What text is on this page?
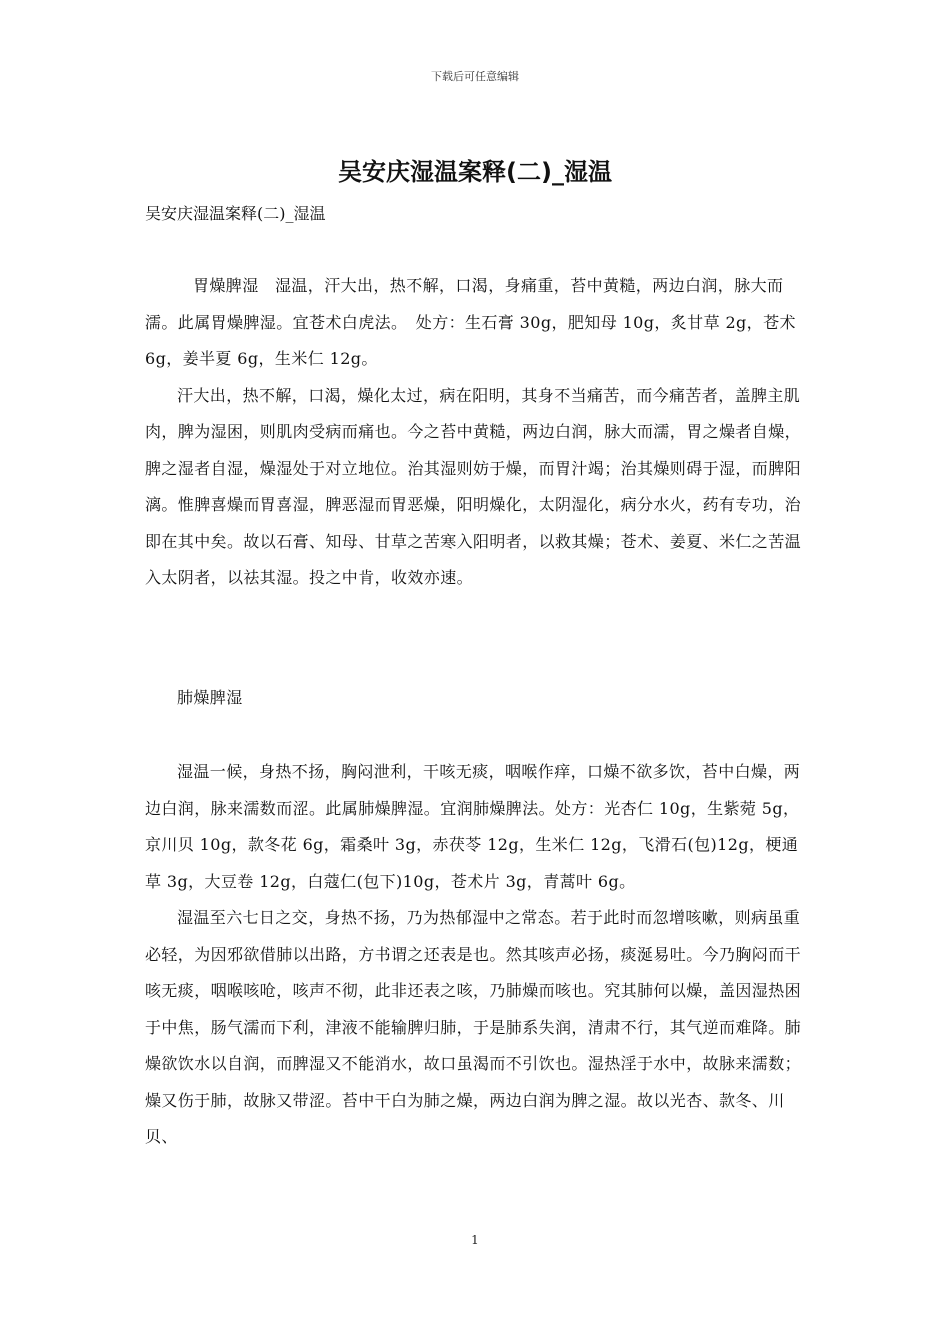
下载后可任意编辑
吴安庆湿温案释(二)_湿温
吴安庆湿温案释(二)_湿温

胃燥脾湿　湿温，汗大出，热不解，口渴，身痛重，苔中黄糙，两边白润，脉大而濡。此属胃燥脾湿。宜苍术白虎法。　处方：生石膏 30g，肥知母 10g，炙甘草 2g，苍术 6g，姜半夏 6g，生米仁 12g。

汗大出，热不解，口渴，燥化太过，病在阳明，其身不当痛苦，而今痛苦者，盖脾主肌肉，脾为湿困，则肌肉受病而痛也。今之苔中黄糙，两边白润，脉大而濡，胃之燥者自燥，脾之湿者自湿，燥湿处于对立地位。治其湿则妨于燥，而胃汁竭；治其燥则碍于湿，而脾阳漓。惟脾喜燥而胃喜湿，脾恶湿而胃恶燥，阳明燥化，太阴湿化，病分水火，药有专功，治即在其中矣。故以石膏、知母、甘草之苦寒入阳明者，以救其燥；苍术、姜夏、米仁之苦温入太阴者，以祛其湿。投之中肯，收效亦速。

肺燥脾湿

湿温一候，身热不扬，胸闷泄利，干咳无痰，咽喉作痒，口燥不欲多饮，苔中白燥，两边白润，脉来濡数而涩。此属肺燥脾湿。宜润肺燥脾法。处方：光杏仁 10g，生紫菀 5g，京川贝 10g，款冬花 6g，霜桑叶 3g，赤茯苓 12g，生米仁 12g，飞滑石(包)12g，梗通草 3g，大豆卷 12g，白蔻仁(包下)10g，苍术片 3g，青蒿叶 6g。

湿温至六七日之交，身热不扬，乃为热郁湿中之常态。若于此时而忽增咳嗽，则病虽重必轻，为因邪欲借肺以出路，方书谓之还表是也。然其咳声必扬，痰涎易吐。今乃胸闷而干咳无痰，咽喉咳呛，咳声不彻，此非还表之咳，乃肺燥而咳也。究其肺何以燥，盖因湿热困于中焦，肠气濡而下利，津液不能输脾归肺，于是肺系失润，清肃不行，其气逆而难降。肺燥欲饮水以自润，而脾湿又不能消水，故口虽渴而不引饮也。湿热淫于水中，故脉来濡数；燥又伤于肺，故脉又带涩。苔中干白为肺之燥，两边白润为脾之湿。故以光杏、款冬、川贝、

1
